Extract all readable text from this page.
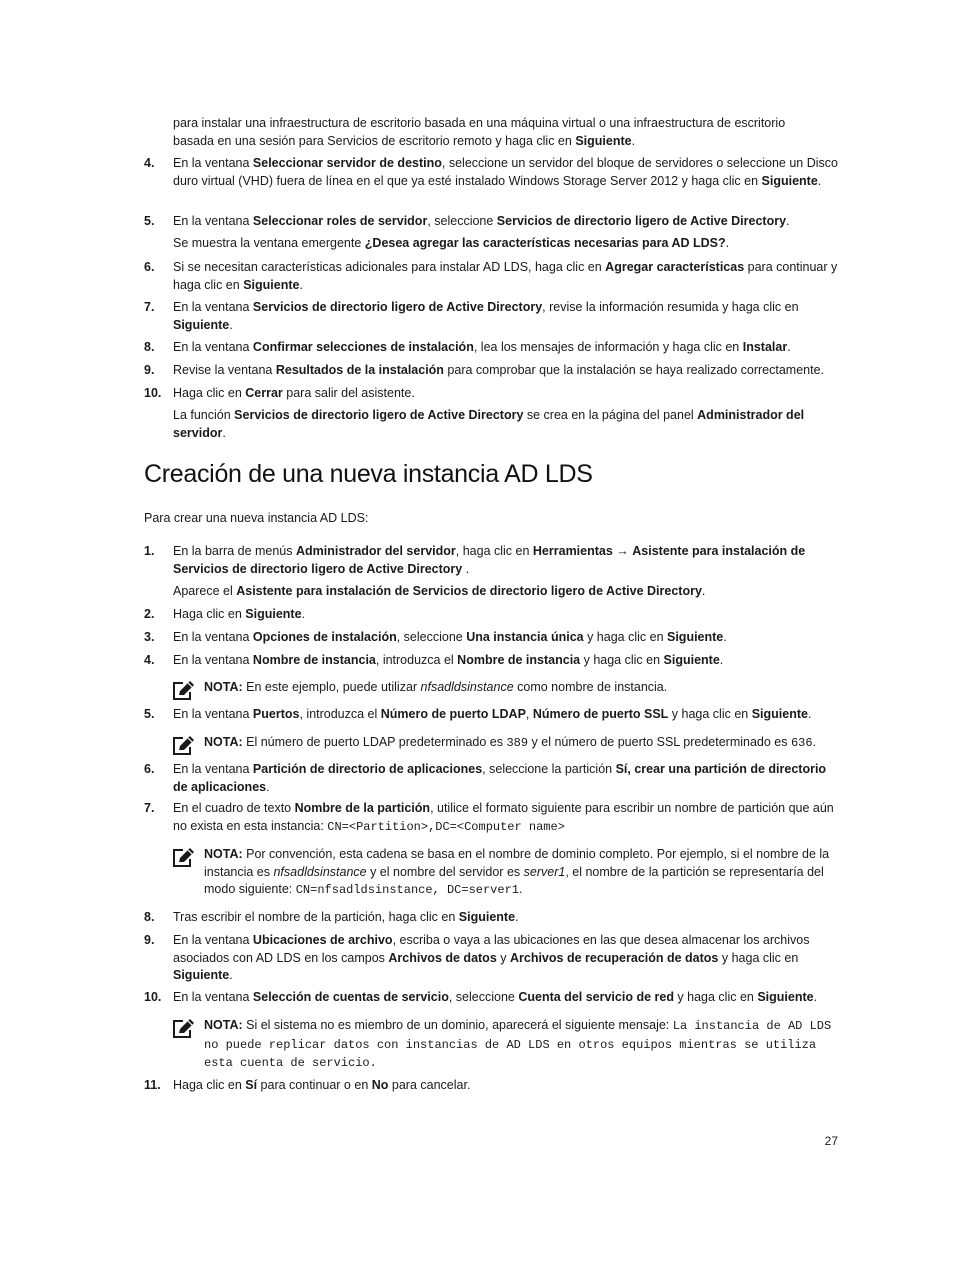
para instalar una infraestructura de escritorio basada en una máquina virtual o una infraestructura de escritorio
basada en una sesión para Servicios de escritorio remoto y haga clic en Siguiente.
4. En la ventana Seleccionar servidor de destino, seleccione un servidor del bloque de servidores o seleccione un Disco duro virtual (VHD) fuera de línea en el que ya esté instalado Windows Storage Server 2012 y haga clic en Siguiente.
5. En la ventana Seleccionar roles de servidor, seleccione Servicios de directorio ligero de Active Directory.
Se muestra la ventana emergente ¿Desea agregar las características necesarias para AD LDS?.
6. Si se necesitan características adicionales para instalar AD LDS, haga clic en Agregar características para continuar y haga clic en Siguiente.
7. En la ventana Servicios de directorio ligero de Active Directory, revise la información resumida y haga clic en Siguiente.
8. En la ventana Confirmar selecciones de instalación, lea los mensajes de información y haga clic en Instalar.
9. Revise la ventana Resultados de la instalación para comprobar que la instalación se haya realizado correctamente.
10. Haga clic en Cerrar para salir del asistente.
La función Servicios de directorio ligero de Active Directory se crea en la página del panel Administrador del servidor.
Creación de una nueva instancia AD LDS
Para crear una nueva instancia AD LDS:
1. En la barra de menús Administrador del servidor, haga clic en Herramientas → Asistente para instalación de Servicios de directorio ligero de Active Directory .
Aparece el Asistente para instalación de Servicios de directorio ligero de Active Directory.
2. Haga clic en Siguiente.
3. En la ventana Opciones de instalación, seleccione Una instancia única y haga clic en Siguiente.
4. En la ventana Nombre de instancia, introduzca el Nombre de instancia y haga clic en Siguiente.
NOTA: En este ejemplo, puede utilizar nfsadldsinstance como nombre de instancia.
5. En la ventana Puertos, introduzca el Número de puerto LDAP, Número de puerto SSL y haga clic en Siguiente.
NOTA: El número de puerto LDAP predeterminado es 389 y el número de puerto SSL predeterminado es 636.
6. En la ventana Partición de directorio de aplicaciones, seleccione la partición Sí, crear una partición de directorio de aplicaciones.
7. En el cuadro de texto Nombre de la partición, utilice el formato siguiente para escribir un nombre de partición que aún no exista en esta instancia: CN=<Partition>,DC=<Computer name>
NOTA: Por convención, esta cadena se basa en el nombre de dominio completo. Por ejemplo, si el nombre de la instancia es nfsadldsinstance y el nombre del servidor es server1, el nombre de la partición se representaría del modo siguiente: CN=nfsadldsinstance, DC=server1.
8. Tras escribir el nombre de la partición, haga clic en Siguiente.
9. En la ventana Ubicaciones de archivo, escriba o vaya a las ubicaciones en las que desea almacenar los archivos asociados con AD LDS en los campos Archivos de datos y Archivos de recuperación de datos y haga clic en Siguiente.
10. En la ventana Selección de cuentas de servicio, seleccione Cuenta del servicio de red y haga clic en Siguiente.
NOTA: Si el sistema no es miembro de un dominio, aparecerá el siguiente mensaje: La instancia de AD LDS no puede replicar datos con instancias de AD LDS en otros equipos mientras se utiliza esta cuenta de servicio.
11. Haga clic en Sí para continuar o en No para cancelar.
27
